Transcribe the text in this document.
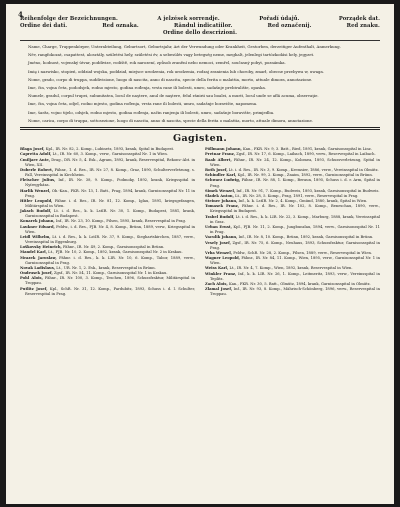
4
Reihenfolge der Bezeichnungen.	A jelzések sorrendje.	Pořadí údajů.	Porządek dat.
Ordine dei dati.	Red oznaka.	Rândul indicatiilor.	Red označenij.	Red znaku.
Ordine dello descrizioni.

Name, Charge, Truppenkörper, Unterabteilung, Geburtsort, Geburtsjahr, Art der Verwundung oder Krankheit, Gestorben, derzeitiger Aufenthalt, Anmerkung.

Név, rangfokozat, csapattest, alosztály, születési hely, születési év, a sebesülés vagy betegség neme, meghalt, jelenlegi tartózkodási hely, jegyzet.

Jméno, hodnost, vojenský útvar, poddivize, rodiště, rok narození, způsob zranění nebo nemoci, zemřel, současný pobyt, poznámka.

Imię i nazwisko, stopień, oddział wojska, poddział, miejsce urodzenia, rok urodzenia, rodzaj zranienia lub choroby, zmarł, obecne przebywa w, uwaga.

Nome, grado, corpo di truppa, suddivisione, luogo di nascita, anno di nascita, specie della ferita o malattia, morto, attuale dimora, annotazione.

Ime, čin, vojna četa, pododsjek, rodno mjesto, godina rođenja, vrsta rane ili bolesti, umro, sadašnje prebivalište, opaska.

Numele, gradul, corpul trupei, subunitatea, locul de naştere, anul de naştere, felul rănirii sau boalei, a murit, locul unde se află acuma, observaţie.

Ime, čin, vojna četa, odjel, rodno mjesto, godina rođenja, vrsta rane ili bolesti, umro, sadašnje boravište, napomena.

Ime, šarža, vojno tijelo, odsjek, rodno mjesto, godina rođenja, način ranjenja ili bolesti, umro, sadašnje boravište, primjedba.

Nome, carica, corpo di truppa, sottosezione, luogo di nascita, anno di nascita, specie della ferita o malattia, morto, attuale dimora, annotazione.

Gagisten.
Blaga Josef, Kpl., IR. Nr. 82, 2. Komp., Lubinetz, 1893, krank, Spital in Budapest.
Capretta Adolf, Lt., IR. Nr. 60, 3. Komp., verw., Garnisonsspital Nr. 1 in Wien.
Cmiljaev Ante, Drag., DR. Nr. 5, 4. Esk., Agram, 1892, krank, Reservespital, Rekonv.-Abt. in Wien, XII.
Doberle Robert, Fähnr., 1. d. Res., IR. Nr. 27, 8. Komp., Graz, 1890, Schulterverletzung, s. Fall, Vereinsspital in Kirchheim.
Fleischer Julius, Inf., IR. Nr. 38, 9. Komp., Podmoky, 1892, krank, Kriegsspital in Nyíregyháza.
Harlik Wenzel, Ob.-Kan., FKR. Nr. 13, 1. Batt., Prag, 1894, krank, Garnisonsspital Nr. 11 in Prag.
Hitler Leopold, Fähnr. i. d. Res., IR. Nr. 81, 12. Komp., Iglau, 1891, kriegsgefangen, Militärspital in Wien.
Jaksch Rudolf, Lt. i. d. Res., k. k. LstIR. Nr. 30, 1. Komp., Budapest, 1881, krank, Garnisonsspital in Budapest.
Konarek Johann, Inf., IR. Nr. 23, 10. Komp., Pilsen, 1895, krank, Reservespital in Prag.
Laukner Eduard, Feldw., i. d. Res., FJB. Nr. 4, 8. Komp., Brünn, 1889, verw., Kriegsspital in Wien.
Leidl Wilhelm, Lt. i. d. Res., k. k. LstIR. Nr. 37, 9. Komp., Sieghartskirchen, 1887, verw., Vereinsspital in Eggenburg.
Loškovsky Heinrich, Fähnr., IR. Nr. 49, 2. Komp., Garnisonsspital in Brünn.
Mandel Karl, Lt., FJB. Nr. 10, 2. Komp., 1892, krank, Garnisonsspital Nr. 2 in Krakau.
Mrazek Jaroslaw, Fähnr. i. d. Res., k. k. LIR. Nr. 10, 6. Komp., Tabor, 1889, verw., Garnisonsspital in Prag.
Novak Ladislaus, Lt., UR. Nr. 1, 2. Esk., krank, Reservespital in Brünn.
Ondrusek Josef, Zgsf., IR. Nr. 54, 11. Komp., Garnisonsspital Nr. 1 in Krakau.
Pohl Alois, Fähnr., IR. Nr. 100, 3. Komp., Teschen, 1896, Schussfraktur, Militärspital in Troppau.
Putlitz Josef, Kpl., SchR. Nr. 31, 12. Komp., Pardubitz, 1893, Schuss i. d. l. Schulter, Reservespital in Prag.
Pöllmann Johann, Kan., FKR. Nr. 9, 3. Batt., Ried, 1891, krank, Garnisonsspital in Linz.
Pretnar Franz, Zgsf., IR. Nr. 17, 6. Komp., Laibach, 1890, verw., Reservespital in Laibach.
Raab Albert, Fähnr., IR. Nr. 24, 12. Komp., Kolomea, 1893, Schussverletzung, Spital in Wien.
Roth Josef, Lt. i. d. Res., IR. Nr. 3, 9. Komp., Kremsier, 1886, verw., Vereinsspital in Olmütz.
Schindler Karl, Kpl., IR. Nr. 99, 2. Komp., Znaim, 1892, verw., Garnisonsspital in Brünn.
Schwarz Ludwig, Fähnr., IR. Nr. 88, 1. Komp., Beraun, 1895, Schuss i. d. r. Arm, Spital in Prag.
Simek Wenzel, Inf., IR. Nr. 91, 7. Komp., Budweis, 1893, krank, Garnisonsspital in Budweis.
Sladek Anton, Lt., IR. Nr. 28, 5. Komp., Prag, 1891, verw., Reservespital in Prag.
Steiner Johann, Inf., k. k. LstIR. Nr. 2, 4. Komp., Gmünd, 1880, krank, Spital in Wien.
Tomasek Franz, Fähnr. i. d. Res., IR. Nr. 102, 8. Komp., Beneschau, 1890, verw., Kriegsspital in Budapest.
Trabel Rudolf, Lt. i. d. Res., k. k. LIR. Nr. 22, 3. Komp., Marburg, 1888, krank, Vereinsspital in Graz.
Urban Ernst, Kpl., FJB. Nr. 11, 2. Komp., Jungbunzlau, 1894, verw., Garnisonsspital Nr. 11 in Prag.
Vaculik Johann, Inf., IR. Nr. 8, 10. Komp., Brünn, 1892, krank, Garnisonsspital in Brünn.
Vesely Josef, Zgsf., IR. Nr. 75, 6. Komp., Neuhaus, 1893, Schussfraktur, Garnisonsspital in Prag.
Vrba Wenzel, Feldw., SchR. Nr. 28, 2. Komp., Pilsen, 1889, verw., Reservespital in Wien.
Wagner Leopold, Fähnr., IR. Nr. 84, 11. Komp., Wien, 1895, verw., Garnisonsspital Nr. 1 in Wien.
Weiss Karl, Lt., IR. Nr. 4, 7. Komp., Wien, 1892, krank, Reservespital in Wien.
Winkler Franz, Inf., k. k. LIR. Nr. 26, 1. Komp., Leitmeritz, 1893, verw., Vereinsspital in Teplitz.
Zach Alois, Kan., FKR. Nr. 30, 5. Batt., Olmütz, 1894, krank, Garnisonsspital in Olmütz.
Zlamal Josef, Inf., IR. Nr. 93, 8. Komp., Mährisch-Schönberg, 1896, verw., Reservespital in Troppau.
